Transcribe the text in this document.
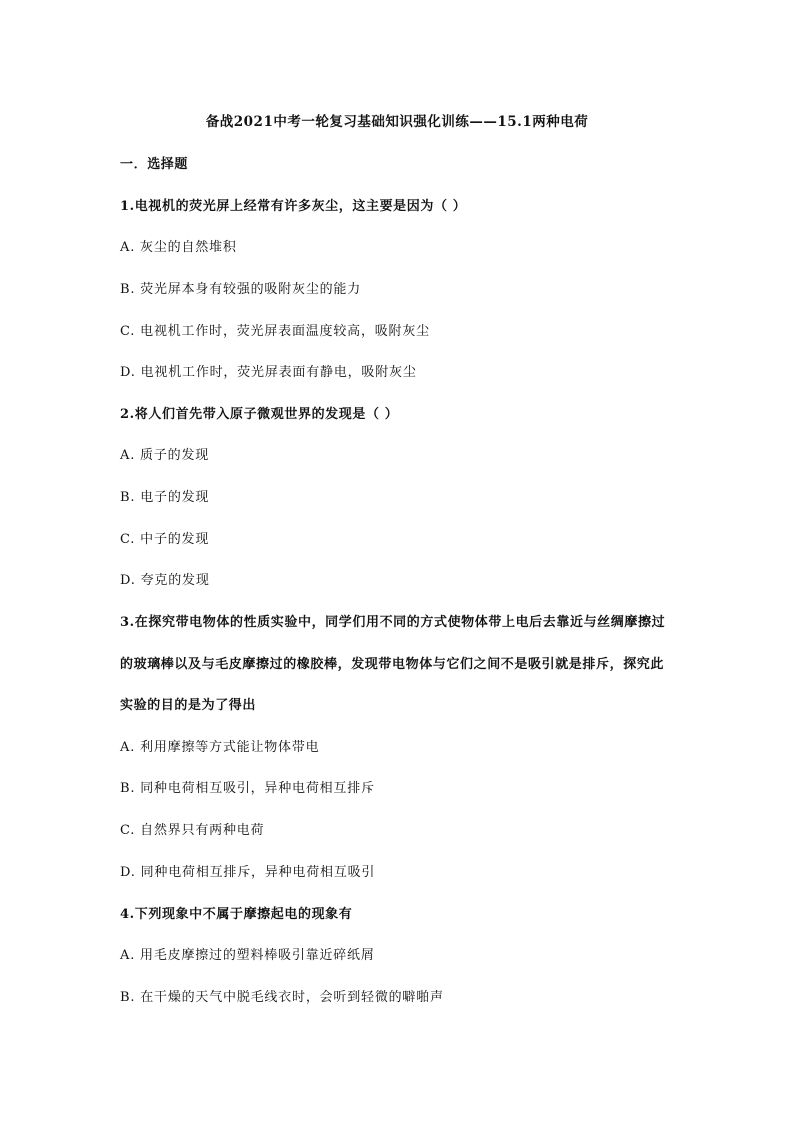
备战2021中考一轮复习基础知识强化训练——15.1两种电荷
一．选择题
1.电视机的荧光屏上经常有许多灰尘，这主要是因为（ ）
A. 灰尘的自然堆积
B. 荧光屏本身有较强的吸附灰尘的能力
C. 电视机工作时，荧光屏表面温度较高，吸附灰尘
D. 电视机工作时，荧光屏表面有静电，吸附灰尘
2.将人们首先带入原子微观世界的发现是（ ）
A. 质子的发现
B. 电子的发现
C. 中子的发现
D. 夸克的发现
3.在探究带电物体的性质实验中，同学们用不同的方式使物体带上电后去靠近与丝绸摩擦过
的玻璃棒以及与毛皮摩擦过的橡胶棒，发现带电物体与它们之间不是吸引就是排斥，探究此
实验的目的是为了得出
A. 利用摩擦等方式能让物体带电
B. 同种电荷相互吸引，异种电荷相互排斥
C. 自然界只有两种电荷
D. 同种电荷相互排斥，异种电荷相互吸引
4.下列现象中不属于摩擦起电的现象有
A. 用毛皮摩擦过的塑料棒吸引靠近碎纸屑
B. 在干燥的天气中脱毛线衣时，会听到轻微的噼啪声
